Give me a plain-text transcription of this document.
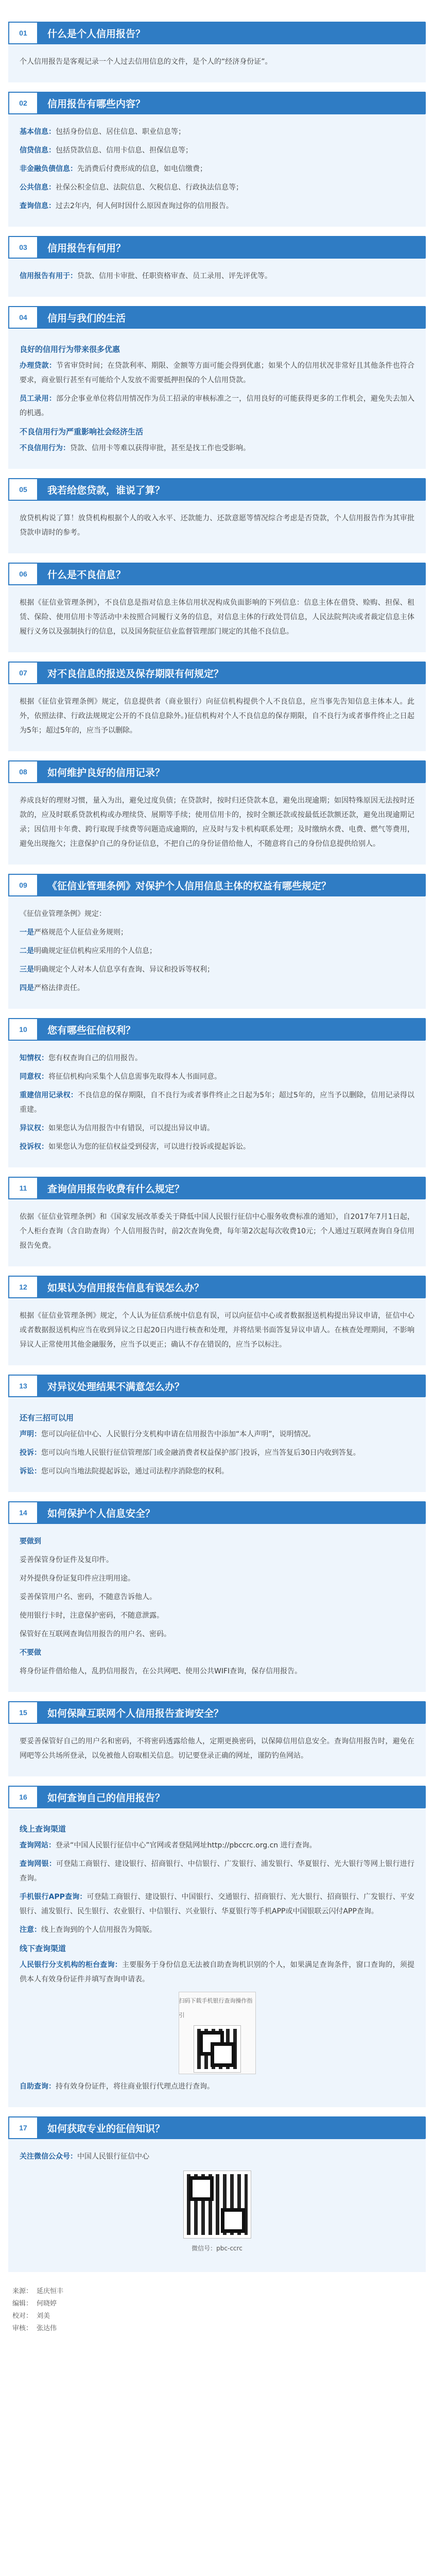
01	什么是个人信用报告？

个人信用报告是客观记录一个人过去信用信息的文件，是个人的“经济身份证”。

02	信用报告有哪些内容？

基本信息：包括身份信息、居住信息、职业信息等；

信贷信息：包括贷款信息、信用卡信息、担保信息等；

非金融负债信息：先消费后付费形成的信息，如电信缴费；

公共信息：社保公积金信息、法院信息、欠税信息、行政执法信息等；

查询信息：过去2年内，何人何时因什么原因查询过你的信用报告。

03	信用报告有何用？

信用报告有用于：贷款、信用卡审批、任职资格审查、员工录用、评先评优等。

04	信用与我们的生活
良好的信用行为带来很多优惠

办理贷款：节省审贷时间；在贷款利率、期限、金额等方面可能会得到优惠；如果个人的信用状况非常好且其他条件也符合要求，商业银行甚至有可能给个人发放不需要抵押担保的个人信用贷款。

员工录用：部分企事业单位将信用情况作为员工招录的审核标准之一，信用良好的可能获得更多的工作机会，避免失去加入的机遇。

不良信用行为严重影响社会经济生活

不良信用行为：贷款、信用卡等难以获得审批，甚至是找工作也受影响。

05	我若给您贷款，谁说了算？

放贷机构说了算！放贷机构根据个人的收入水平、还款能力、还款意愿等情况综合考虑是否贷款，个人信用报告作为其审批贷款申请时的参考。

06	什么是不良信息？

根据《征信业管理条例》，不良信息是指对信息主体信用状况构成负面影响的下列信息：信息主体在借贷、赊购、担保、租赁、保险、使用信用卡等活动中未按照合同履行义务的信息，对信息主体的行政处罚信息，人民法院判决或者裁定信息主体履行义务以及强制执行的信息，以及国务院征信业监督管理部门规定的其他不良信息。

07	对不良信息的报送及保存期限有何规定？

根据《征信业管理条例》规定，信息提供者（商业银行）向征信机构提供个人不良信息，应当事先告知信息主体本人。此外，依照法律、行政法规规定公开的不良信息除外。)征信机构对个人不良信息的保存期限，自不良行为或者事件终止之日起为5年；超过5年的，应当予以删除。

08	如何维护良好的信用记录？

养成良好的理财习惯，量入为出，避免过度负债；在贷款时，按时归还贷款本息，避免出现逾期；如因特殊原因无法按时还款的，应及时联系贷款机构或办理续贷、展期等手续；使用信用卡的，按时全额还款或按最低还款额还款，避免出现逾期记录；因信用卡年费、跨行取现手续费等问题造成逾期的，应及时与发卡机构联系处理；及时缴纳水费、电费、燃气等费用，避免出现拖欠；注意保护自己的身份证信息，不把自己的身份证借给他人，不随意将自己的身份信息提供给别人。

09	《征信业管理条例》对保护个人信用信息主体的权益有哪些规定？

《征信业管理条例》规定：

一是严格规范个人征信业务规则；

二是明确规定征信机构应采用的个人信息；

三是明确规定个人对本人信息享有查询、异议和投诉等权利；

四是严格法律责任。

10	您有哪些征信权利？

知情权：您有权查询自己的信用报告。

同意权：将征信机构向采集个人信息需事先取得本人书面同意。

重建信用记录权：不良信息的保存期限，自不良行为或者事件终止之日起为5年；超过5年的，应当予以删除，信用记录得以重建。

异议权：如果您认为信用报告中有错误，可以提出异议申请。

投诉权：如果您认为您的征信权益受到侵害，可以进行投诉或提起诉讼。

11	查询信用报告收费有什么规定？

依据《征信业管理条例》和《国家发展改革委关于降低中国人民银行征信中心服务收费标准的通知》，自2017年7月1日起，个人柜台查询（含自助查询）个人信用报告时，前2次查询免费，每年第2次起每次收费10元；个人通过互联网查询自身信用报告免费。

12	如果认为信用报告信息有误怎么办？

根据《征信业管理条例》规定，个人认为征信系统中信息有误，可以向征信中心或者数据报送机构提出异议申请，征信中心或者数据报送机构应当在收到异议之日起20日内进行核查和处理，并将结果书面答复异议申请人。在核查处理期间，不影响异议人正常使用其他金融服务，应当予以更正；确认不存在错误的，应当予以标注。

13	对异议处理结果不满意怎么办？
还有三招可以用

声明：您可以向征信中心、人民银行分支机构申请在信用报告中添加“本人声明”，说明情况。

投诉：您可以向当地人民银行征信管理部门或金融消费者权益保护部门投诉，应当答复后30日内收到答复。

诉讼：您可以向当地法院提起诉讼，通过司法程序消除您的权利。

14	如何保护个人信息安全？

要做到

妥善保管身份证件及复印件。

对外提供身份证复印件应注明用途。

妥善保管用户名、密码，不随意告诉他人。

使用银行卡时，注意保护密码，不随意泄露。

保管好在互联网查询信用报告的用户名、密码。

不要做

将身份证件借给他人，乱扔信用报告，在公共网吧、使用公共WIFI查询，保存信用报告。

15	如何保障互联网个人信用报告查询安全？

要妥善保管好自己的用户名和密码，不将密码透露给他人，定期更换密码，以保障信用信息安全。查询信用报告时，避免在网吧等公共场所登录，以免被他人窃取相关信息。切记要登录正确的网址，谨防钓鱼网站。

16	如何查询自己的信用报告？
线上查询渠道

查询网站：登录“中国人民银行征信中心”官网或者登陆网址http://pbccrc.org.cn 进行查询。

查询网银：可登陆工商银行、建设银行、招商银行、中信银行、广发银行、浦发银行、华夏银行、光大银行等网上银行进行查询。

手机银行APP查询：可登陆工商银行、建设银行、中国银行、交通银行、招商银行、光大银行、招商银行、广发银行、平安银行、浦发银行、民生银行、农业银行、中信银行、兴业银行、华夏银行等手机APP或中国银联云闪付APP查询。

注意：线上查询到的个人信用报告为简版。

线下查询渠道

人民银行分支机构的柜台查询：主要服务于身份信息无法被自助查询机识别的个人，如果满足查询条件，窗口查询的，须提供本人有效身份证件并填写查询申请表。

扫码下载手机银行查询操作指引

自助查询：持有效身份证件，将往商业银行代理点进行查询。

17	如何获取专业的征信知识？

关注微信公众号：中国人民银行征信中心

微信号：pbc-ccrc
来源： 延庆恒丰
编辑： 何晓婷
校对： 刘美
审核： 张达伟
